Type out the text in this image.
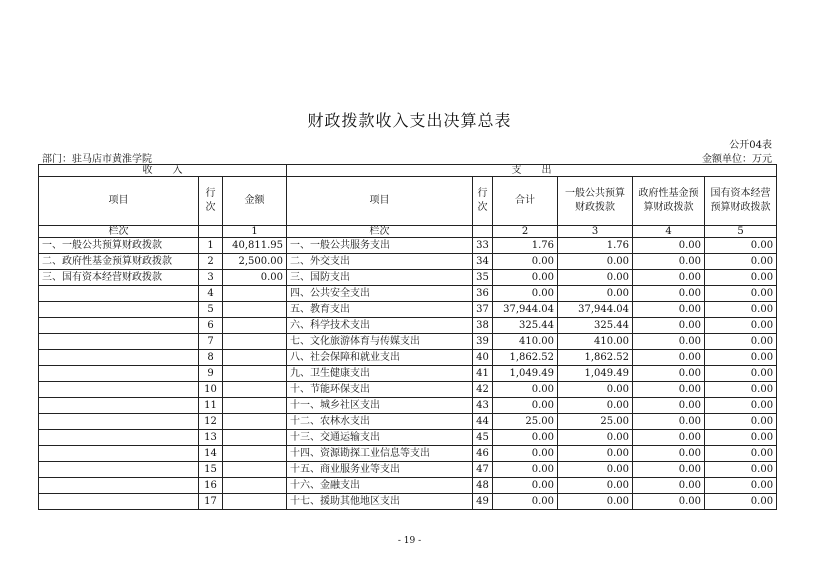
财政拨款收入支出决算总表
公开04表
部门：驻马店市黄淮学院	金额单位：万元
收　　入			支　　出					
项目	行次	金额	项目	行次	合计	一般公共预算财政拨款	政府性基金预算财政拨款	国有资本经营预算财政拨款
栏次		1	栏次		2	3	4	5
一、一般公共预算财政拨款	1	40,811.95	一、一般公共服务支出	33	1.76	1.76	0.00	0.00
二、政府性基金预算财政拨款	2	2,500.00	二、外交支出	34	0.00	0.00	0.00	0.00
三、国有资本经营财政拨款	3	0.00	三、国防支出	35	0.00	0.00	0.00	0.00
	4		四、公共安全支出	36	0.00	0.00	0.00	0.00
	5		五、教育支出	37	37,944.04	37,944.04	0.00	0.00
	6		六、科学技术支出	38	325.44	325.44	0.00	0.00
	7		七、文化旅游体育与传媒支出	39	410.00	410.00	0.00	0.00
	8		八、社会保障和就业支出	40	1,862.52	1,862.52	0.00	0.00
	9		九、卫生健康支出	41	1,049.49	1,049.49	0.00	0.00
	10		十、节能环保支出	42	0.00	0.00	0.00	0.00
	11		十一、城乡社区支出	43	0.00	0.00	0.00	0.00
	12		十二、农林水支出	44	25.00	25.00	0.00	0.00
	13		十三、交通运输支出	45	0.00	0.00	0.00	0.00
	14		十四、资源勘探工业信息等支出	46	0.00	0.00	0.00	0.00
	15		十五、商业服务业等支出	47	0.00	0.00	0.00	0.00
	16		十六、金融支出	48	0.00	0.00	0.00	0.00
	17		十七、援助其他地区支出	49	0.00	0.00	0.00	0.00
- 19 -
